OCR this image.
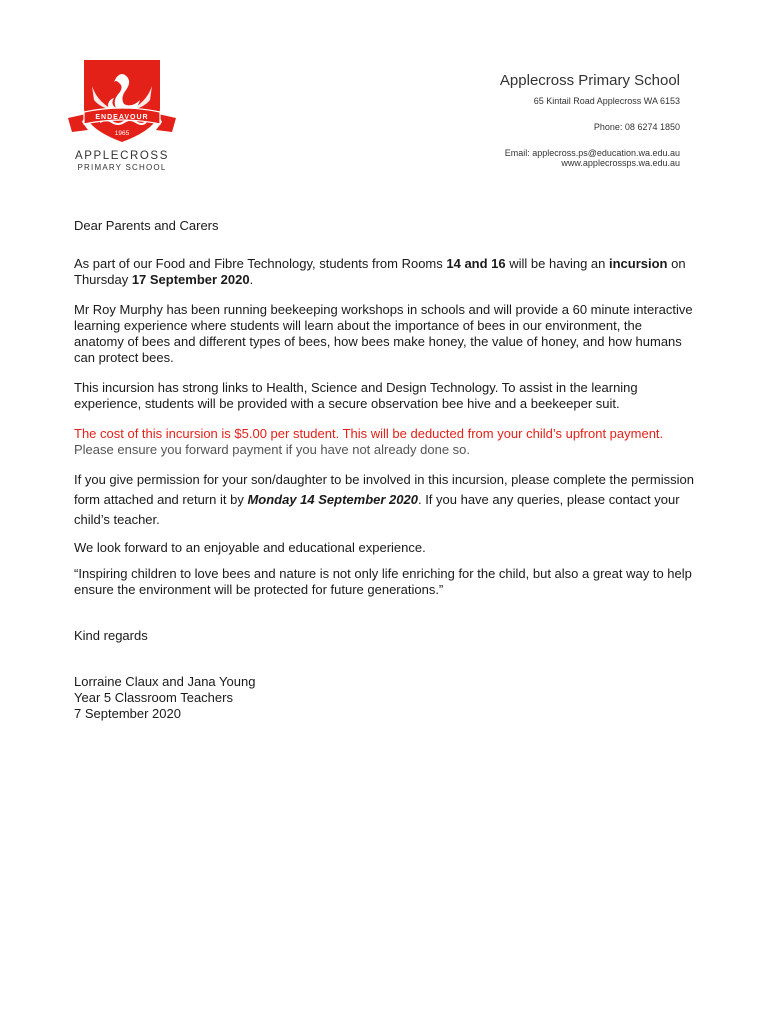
ENDEAVOUR
1965
APPLECROSS
PRIMARY SCHOOL
Applecross Primary School
65 Kintail Road Applecross WA 6153
Phone: 08 6274 1850
Email: applecross.ps@education.wa.edu.au
www.applecrossps.wa.edu.au

Dear Parents and Carers

As part of our Food and Fibre Technology, students from Rooms 14 and 16 will be having an incursion on Thursday 17 September 2020.

Mr Roy Murphy has been running beekeeping workshops in schools and will provide a 60 minute interactive learning experience where students will learn about the importance of bees in our environment, the anatomy of bees and different types of bees, how bees make honey, the value of honey, and how humans can protect bees.

This incursion has strong links to Health, Science and Design Technology. To assist in the learning experience, students will be provided with a secure observation bee hive and a beekeeper suit.

The cost of this incursion is $5.00 per student. This will be deducted from your child’s upfront payment. Please ensure you forward payment if you have not already done so.

If you give permission for your son/daughter to be involved in this incursion, please complete the permission form attached and return it by Monday 14 September 2020. If you have any queries, please contact your child’s teacher.

We look forward to an enjoyable and educational experience.

“Inspiring children to love bees and nature is not only life enriching for the child, but also a great way to help ensure the environment will be protected for future generations.”

Kind regards

Lorraine Claux and Jana Young

Year 5 Classroom Teachers

7 September 2020
